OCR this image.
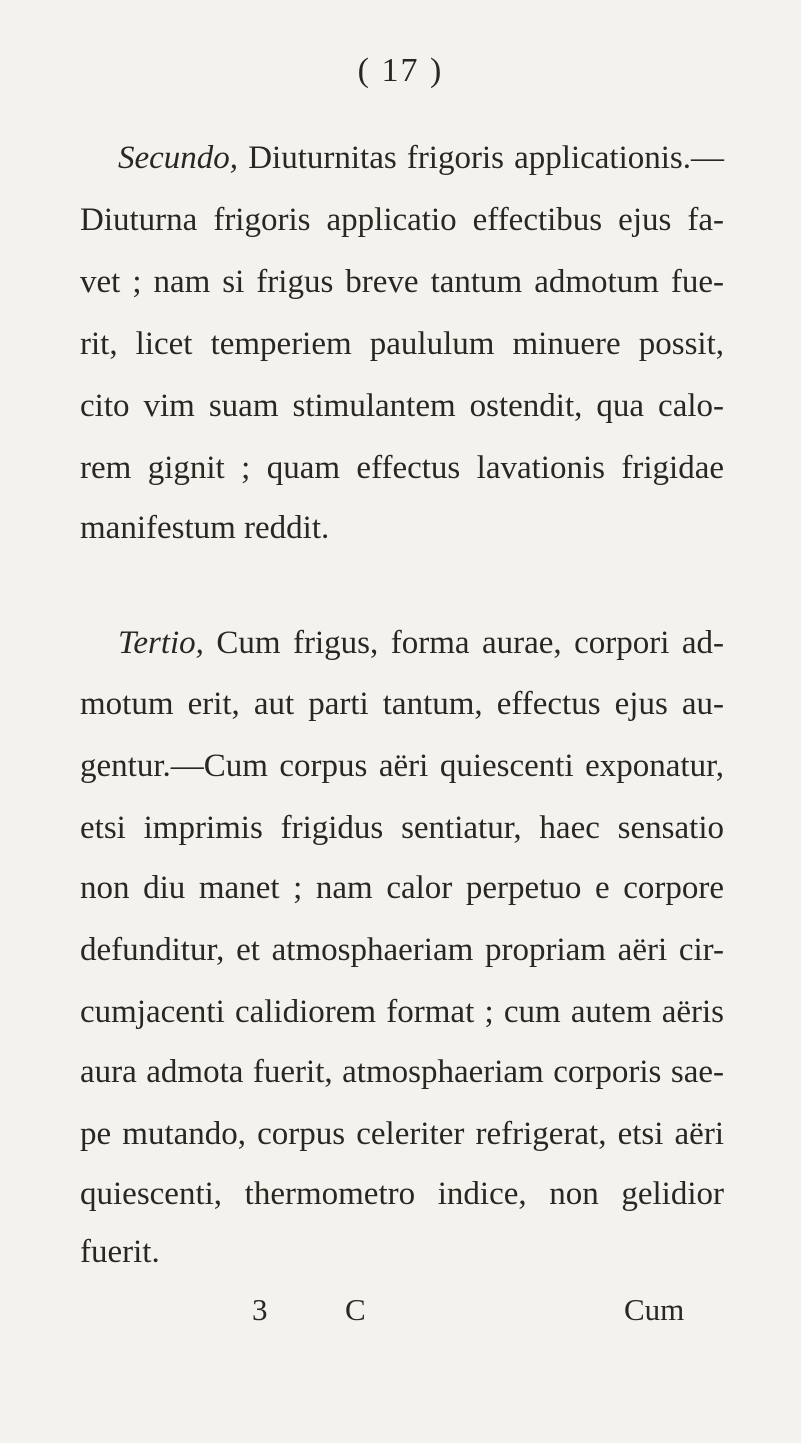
( 17 )
Secundo, Diuturnitas frigoris applicationis.—
Diuturna frigoris applicatio effectibus ejus fa-
vet ; nam si frigus breve tantum admotum fue-
rit, licet temperiem paululum minuere possit,
cito vim suam stimulantem ostendit, qua calo-
rem gignit ; quam effectus lavationis frigidae
manifestum reddit.
Tertio, Cum frigus, forma aurae, corpori ad-
motum erit, aut parti tantum, effectus ejus au-
gentur.—Cum corpus aëri quiescenti exponatur,
etsi imprimis frigidus sentiatur, haec sensatio
non diu manet ; nam calor perpetuo e corpore
defunditur, et atmosphaeriam propriam aëri cir-
cumjacenti calidiorem format ; cum autem aëris
aura admota fuerit, atmosphaeriam corporis sae-
pe mutando, corpus celeriter refrigerat, etsi aëri
quiescenti, thermometro indice, non gelidior
fuerit.
3	C	Cum
